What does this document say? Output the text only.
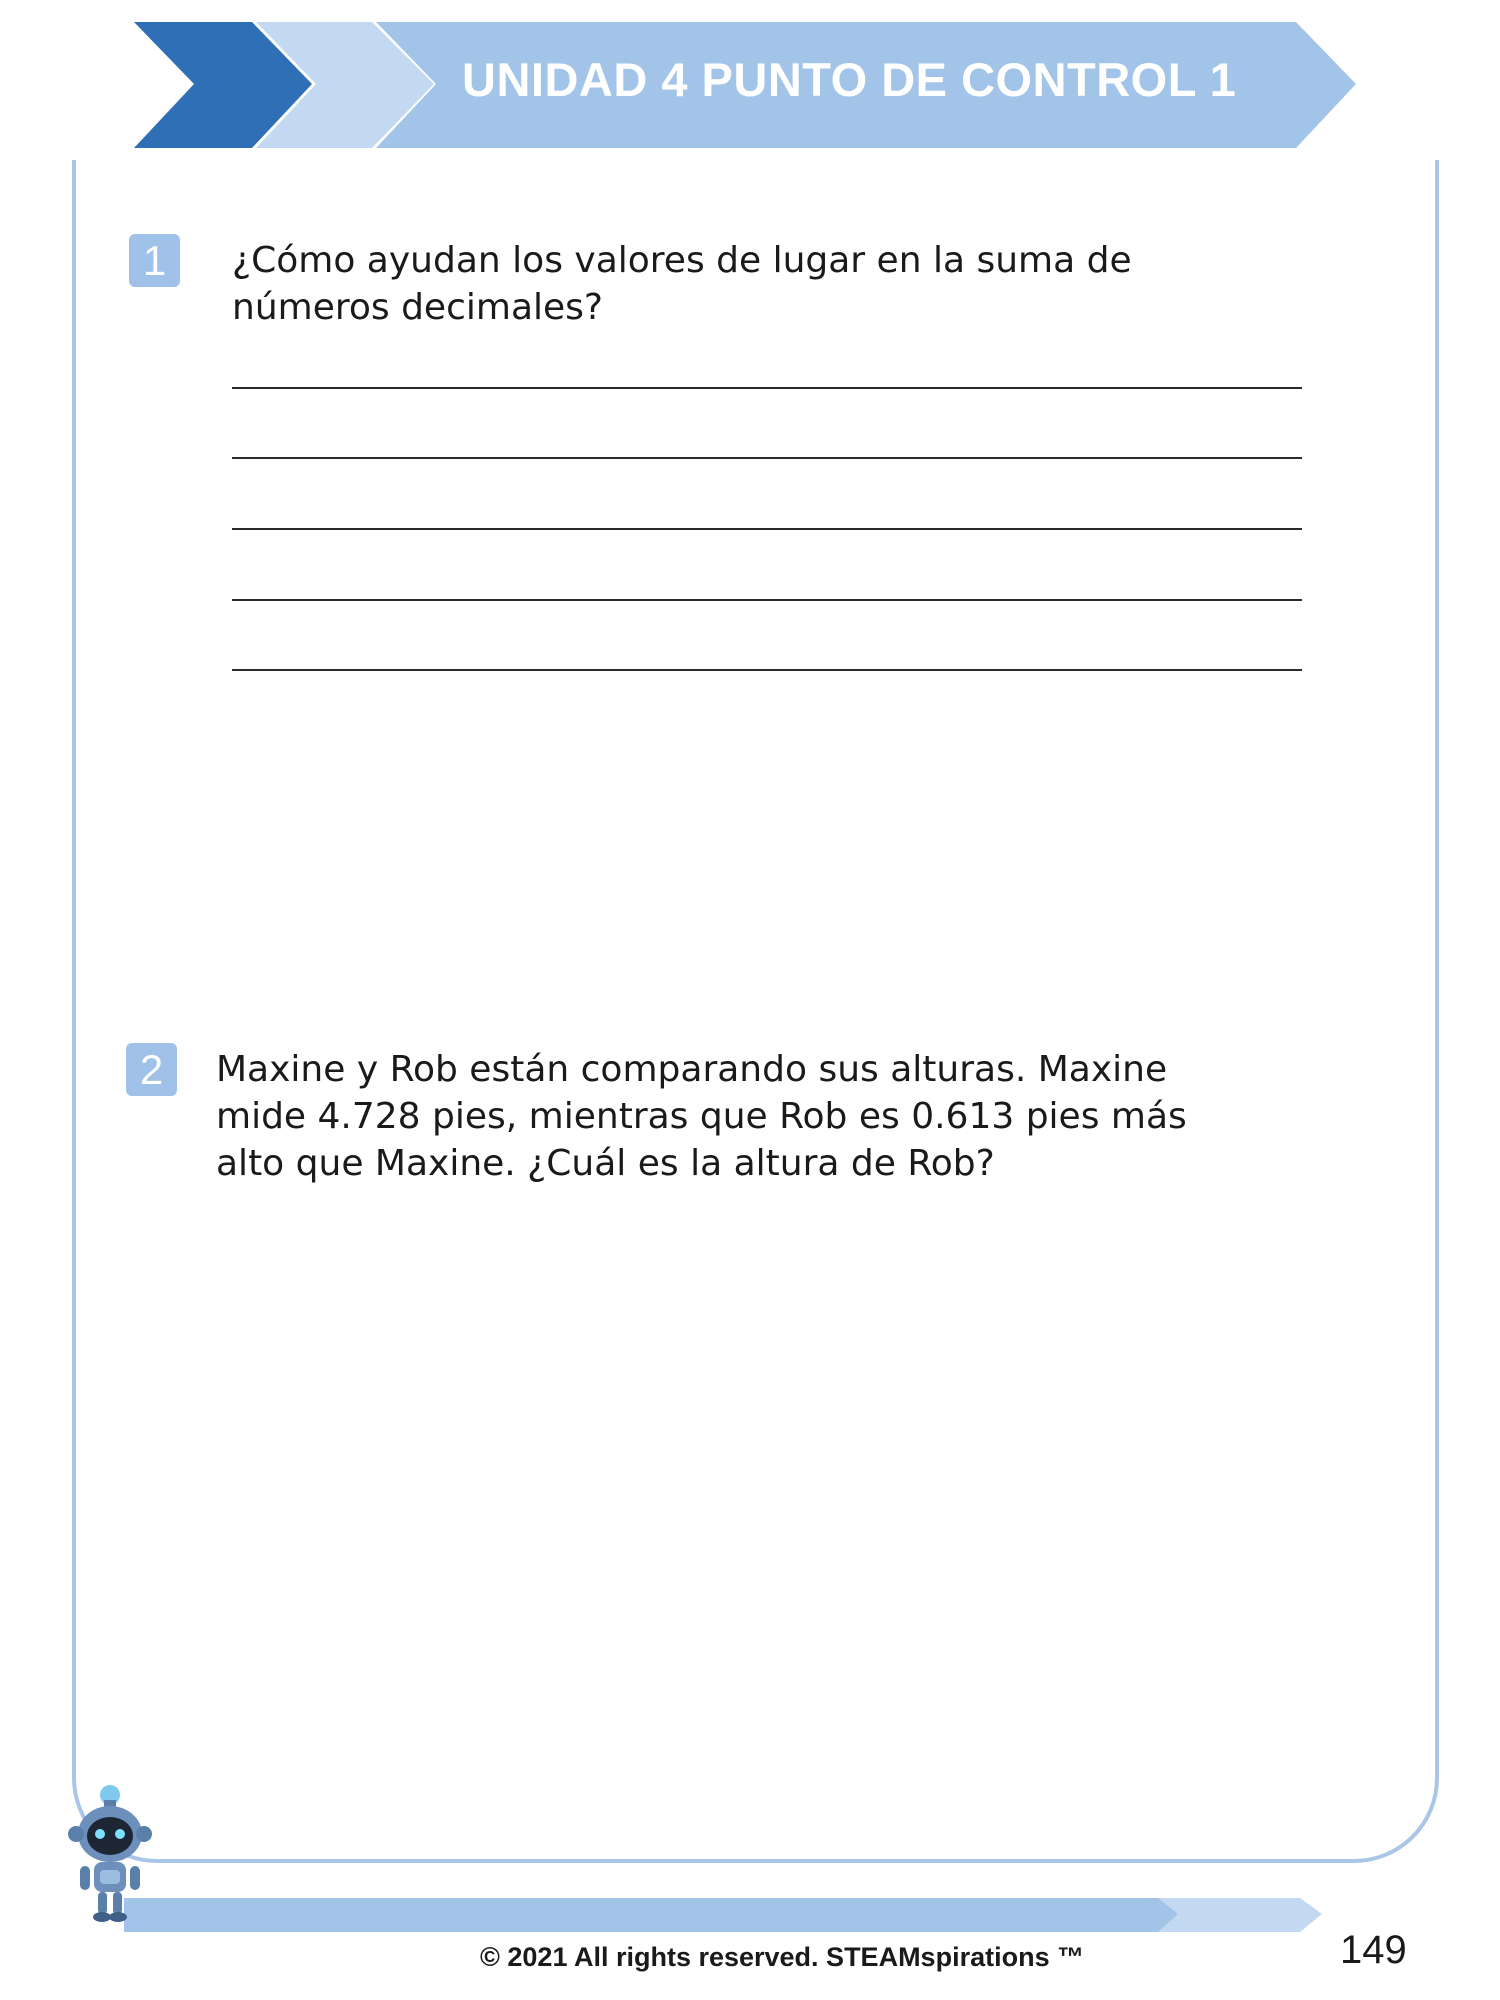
UNIDAD 4 PUNTO DE CONTROL 1
1	¿Cómo ayudan los valores de lugar en la suma de
números decimales?
2	Maxine y Rob están comparando sus alturas. Maxine
mide 4.728 pies, mientras que Rob es 0.613 pies más
alto que Maxine. ¿Cuál es la altura de Rob?
© 2021 All rights reserved. STEAMspirations ™	149
